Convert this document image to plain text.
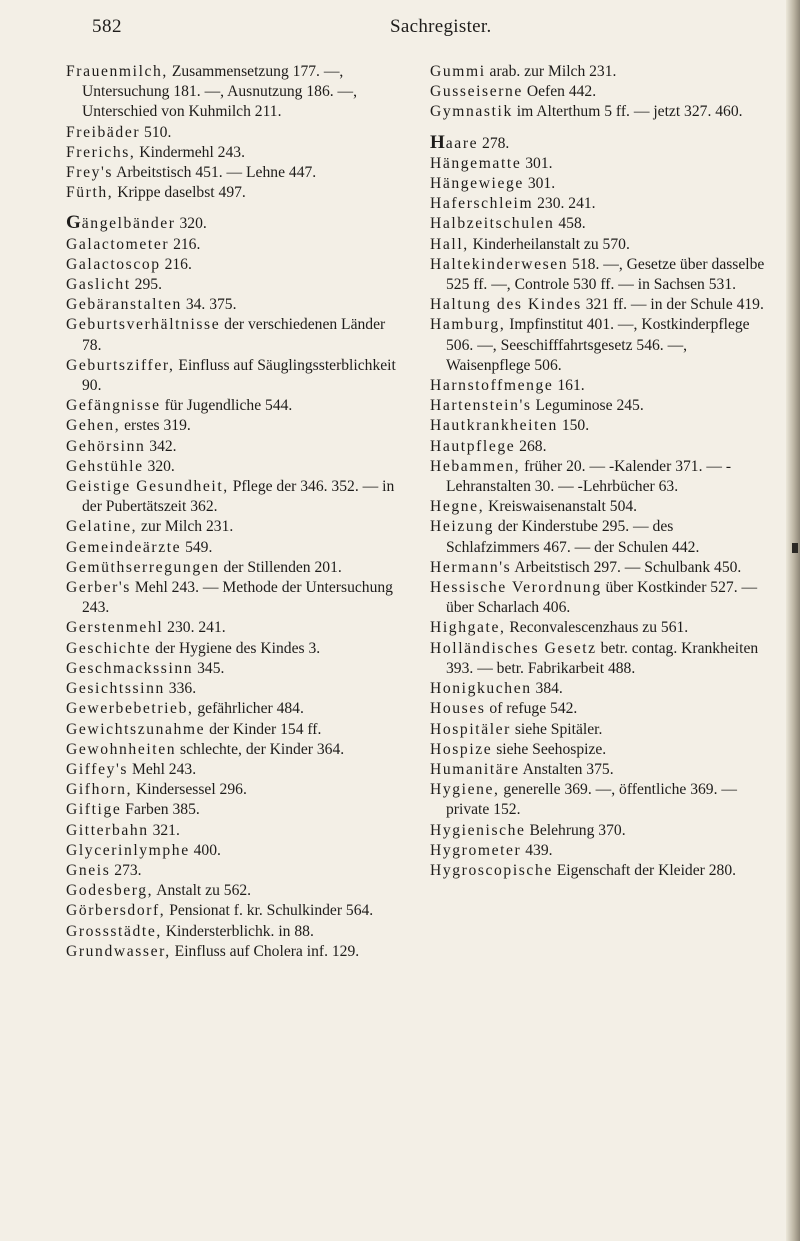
582	Sachregister.

Frauenmilch, Zusammensetzung 177. —, Untersuchung 181. —, Ausnutzung 186. —, Unterschied von Kuhmilch 211.

Freibäder 510.

Frerichs, Kindermehl 243.

Frey's Arbeitstisch 451. — Lehne 447.

Fürth, Krippe daselbst 497.

Gängelbänder 320.

Galactometer 216.

Galactoscop 216.

Gaslicht 295.

Gebäranstalten 34. 375.

Geburtsverhältnisse der verschiedenen Länder 78.

Geburtsziffer, Einfluss auf Säuglingssterblichkeit 90.

Gefängnisse für Jugendliche 544.

Gehen, erstes 319.

Gehörsinn 342.

Gehstühle 320.

Geistige Gesundheit, Pflege der 346. 352. — in der Pubertätszeit 362.

Gelatine, zur Milch 231.

Gemeindeärzte 549.

Gemüthserregungen der Stillenden 201.

Gerber's Mehl 243. — Methode der Untersuchung 243.

Gerstenmehl 230. 241.

Geschichte der Hygiene des Kindes 3.

Geschmackssinn 345.

Gesichtssinn 336.

Gewerbebetrieb, gefährlicher 484.

Gewichtszunahme der Kinder 154 ff.

Gewohnheiten schlechte, der Kinder 364.

Giffey's Mehl 243.

Gifhorn, Kindersessel 296.

Giftige Farben 385.

Gitterbahn 321.

Glycerinlymphe 400.

Gneis 273.

Godesberg, Anstalt zu 562.

Görbersdorf, Pensionat f. kr. Schulkinder 564.

Grossstädte, Kindersterblichk. in 88.

Grundwasser, Einfluss auf Cholera inf. 129.

Gummi arab. zur Milch 231.

Gusseiserne Oefen 442.

Gymnastik im Alterthum 5 ff. — jetzt 327. 460.

Haare 278.

Hängematte 301.

Hängewiege 301.

Haferschleim 230. 241.

Halbzeitschulen 458.

Hall, Kinderheilanstalt zu 570.

Haltekinderwesen 518. —, Gesetze über dasselbe 525 ff. —, Controle 530 ff. — in Sachsen 531.

Haltung des Kindes 321 ff. — in der Schule 419.

Hamburg, Impfinstitut 401. —, Kostkinderpflege 506. —, Seeschifffahrtsgesetz 546. —, Waisenpflege 506.

Harnstoffmenge 161.

Hartenstein's Leguminose 245.

Hautkrankheiten 150.

Hautpflege 268.

Hebammen, früher 20. — -Kalender 371. — -Lehranstalten 30. — -Lehrbücher 63.

Hegne, Kreiswaisenanstalt 504.

Heizung der Kinderstube 295. — des Schlafzimmers 467. — der Schulen 442.

Hermann's Arbeitstisch 297. — Schulbank 450.

Hessische Verordnung über Kostkinder 527. — über Scharlach 406.

Highgate, Reconvalescenzhaus zu 561.

Holländisches Gesetz betr. contag. Krankheiten 393. — betr. Fabrikarbeit 488.

Honigkuchen 384.

Houses of refuge 542.

Hospitäler siehe Spitäler.

Hospize siehe Seehospize.

Humanitäre Anstalten 375.

Hygiene, generelle 369. —, öffentliche 369. — private 152.

Hygienische Belehrung 370.

Hygrometer 439.

Hygroscopische Eigenschaft der Kleider 280.
